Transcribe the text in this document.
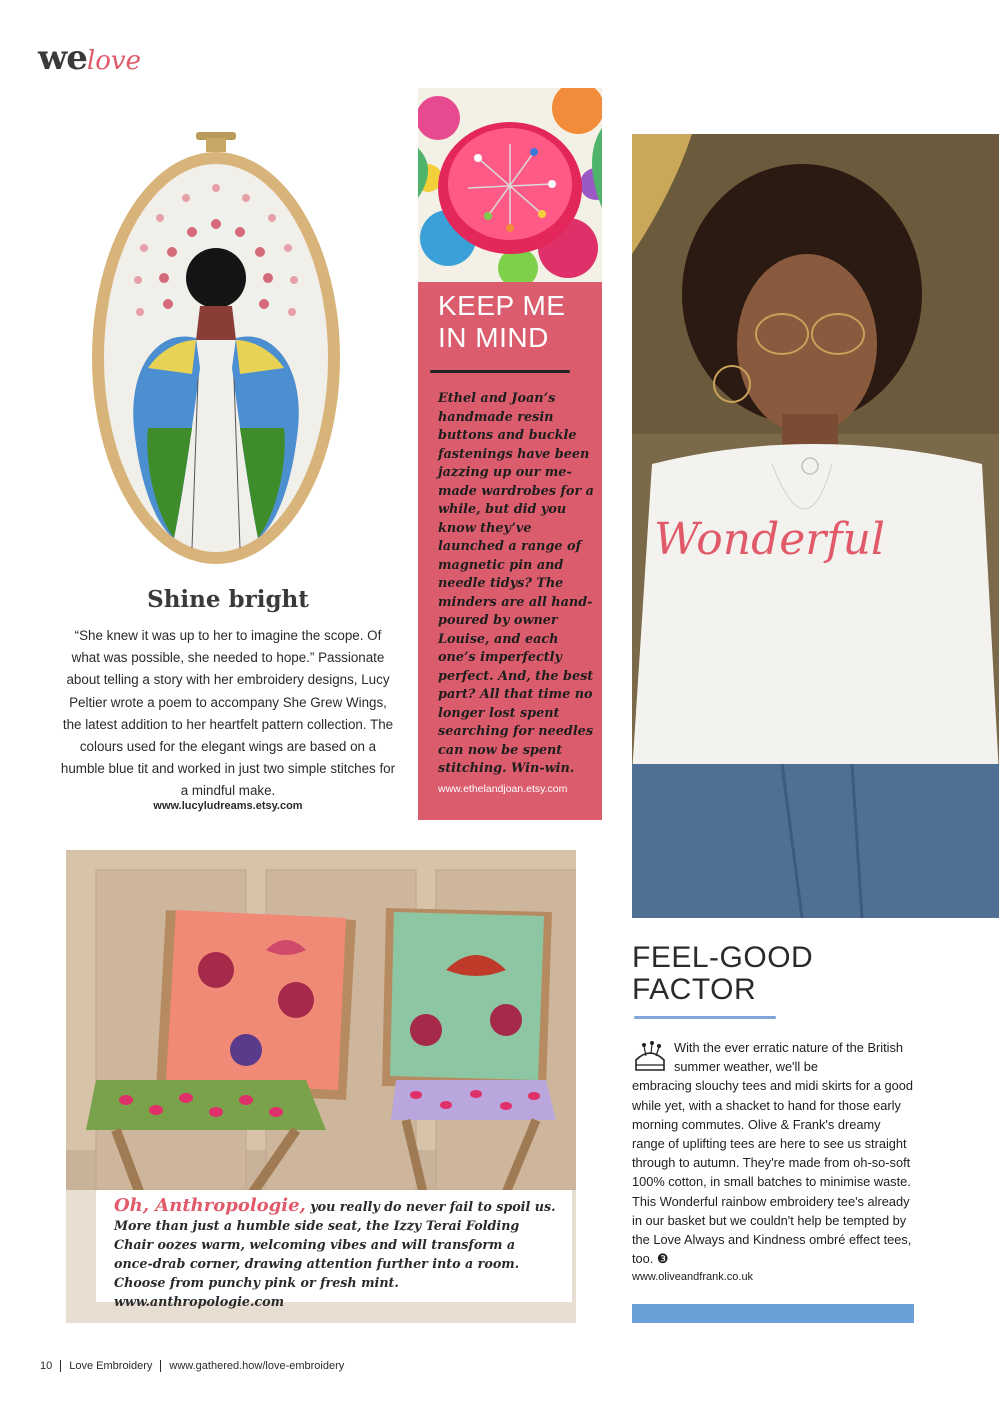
welove
Shine bright
“She knew it was up to her to imagine the scope. Of what was possible, she needed to hope.” Passionate about telling a story with her embroidery designs, Lucy Peltier wrote a poem to accompany She Grew Wings, the latest addition to her heartfelt pattern collection. The colours used for the elegant wings are based on a humble blue tit and worked in just two simple stitches for a mindful make.
www.lucyludreams.etsy.com
KEEP ME
IN MIND
Ethel and Joan’s handmade resin buttons and buckle fastenings have been jazzing up our me-made wardrobes for a while, but did you know they’ve launched a range of magnetic pin and needle tidys? The minders are all hand-poured by owner Louise, and each one’s imperfectly perfect. And, the best part? All that time no longer lost spent searching for needles can now be spent stitching. Win-win.
www.ethelandjoan.etsy.com
Wonderful
Oh, Anthropologie, you really do never fail to spoil us. More than just a humble side seat, the Izzy Terai Folding Chair oozes warm, welcoming vibes and will transform a once-drab corner, drawing attention further into a room. Choose from punchy pink or fresh mint. www.anthropologie.com
FEEL-GOOD
FACTOR
With the ever erratic nature of the British summer weather, we'll be
embracing slouchy tees and midi skirts for a good while yet, with a shacket to hand for those early morning commutes. Olive & Frank's dreamy range of uplifting tees are here to see us straight through to autumn. They're made from oh-so-soft 100% cotton, in small batches to minimise waste. This Wonderful rainbow embroidery tee's already in our basket but we couldn't help be tempted by the Love Always and Kindness ombré effect tees, too. ❸
www.oliveandfrank.co.uk
10 Love Embroidery www.gathered.how/love-embroidery
